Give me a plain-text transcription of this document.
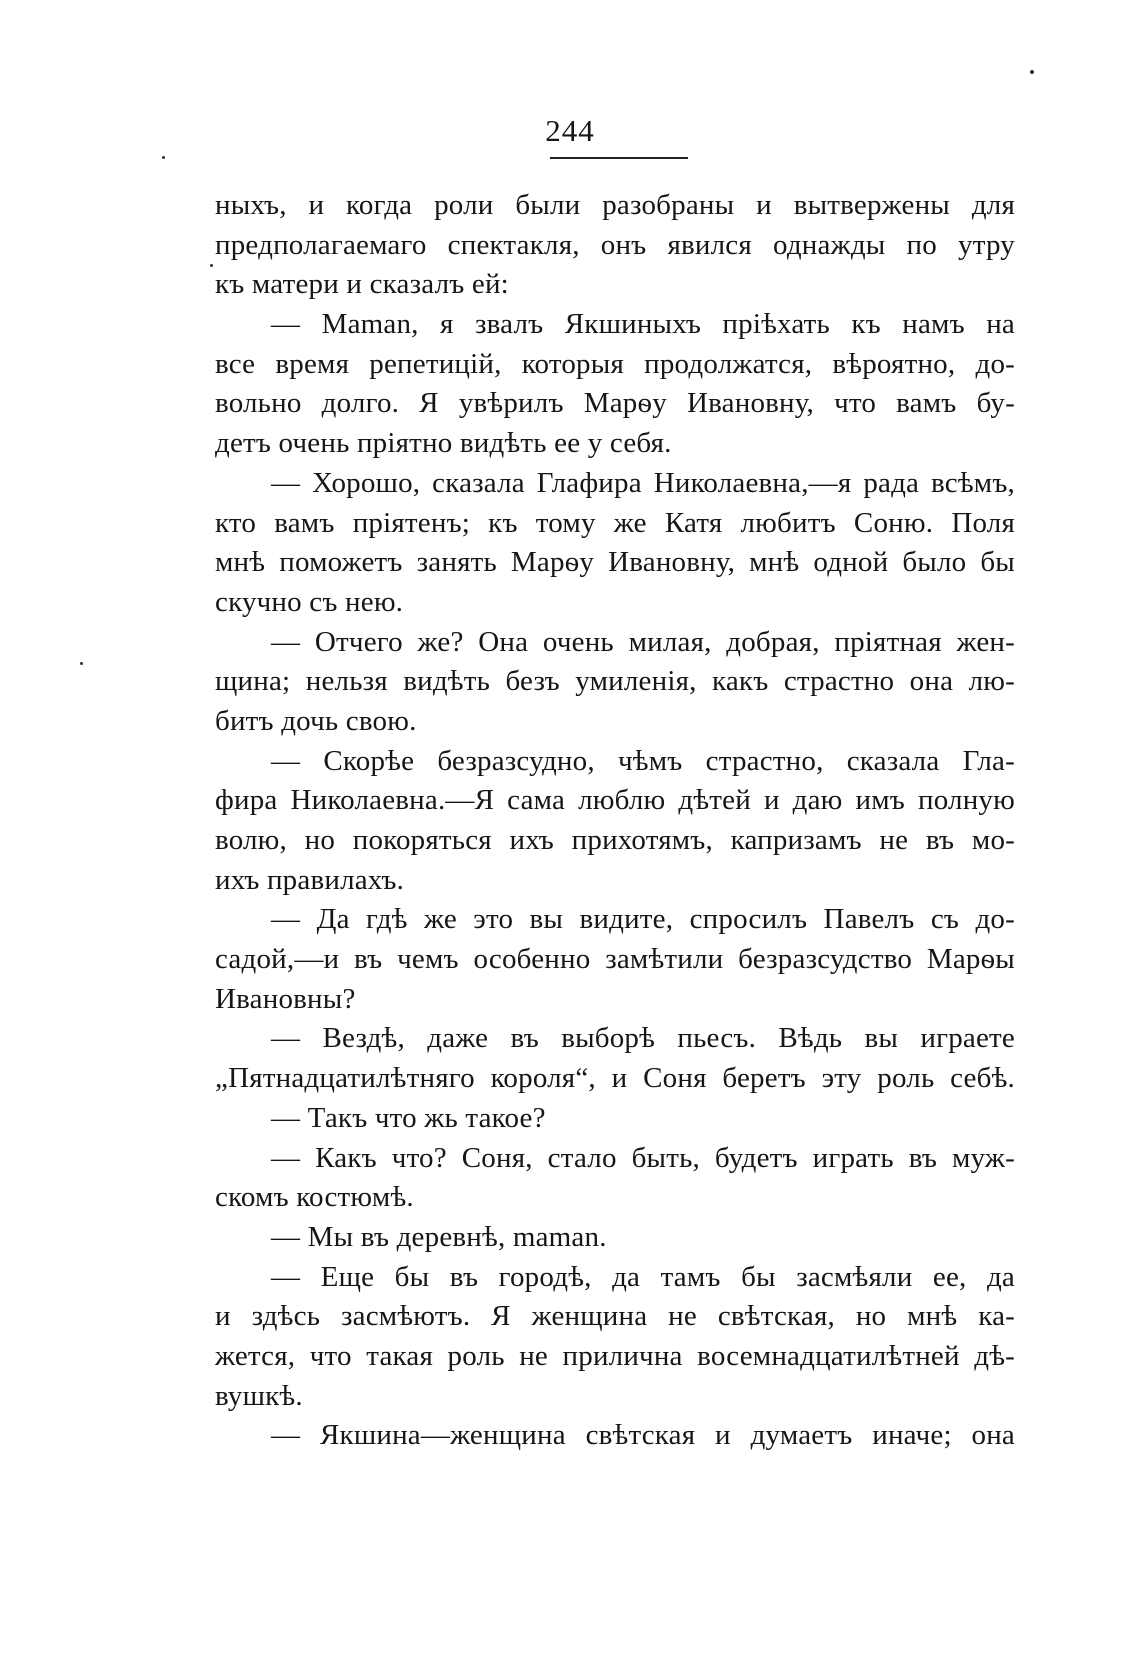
244
ныхъ, и когда роли были разобраны и вытвержены для
предполагаемаго спектакля, онъ явился однажды по утру
къ матери и сказалъ ей:
— Maman, я звалъ Якшиныхъ пріѣхать къ намъ на
все время репетицій, которыя продолжатся, вѣроятно, до-
вольно долго. Я увѣрилъ Марѳу Ивановну, что вамъ бу-
детъ очень пріятно видѣть ее у себя.
— Хорошо, сказала Глафира Николаевна,—я рада всѣмъ,
кто вамъ пріятенъ; къ тому же Катя любитъ Соню. Поля
мнѣ поможетъ занять Марѳу Ивановну, мнѣ одной было бы
скучно съ нею.
— Отчего же? Она очень милая, добрая, пріятная жен-
щина; нельзя видѣть безъ умиленія, какъ страстно она лю-
битъ дочь свою.
— Скорѣе безразсудно, чѣмъ страстно, сказала Гла-
фира Николаевна.—Я сама люблю дѣтей и даю имъ полную
волю, но покоряться ихъ прихотямъ, капризамъ не въ мо-
ихъ правилахъ.
— Да гдѣ же это вы видите, спросилъ Павелъ съ до-
садой,—и въ чемъ особенно замѣтили безразсудство Марѳы
Ивановны?
— Вездѣ, даже въ выборѣ пьесъ. Вѣдь вы играете
„Пятнадцатилѣтняго короля“, и Соня беретъ эту роль себѣ.
— Такъ что жь такое?
— Какъ что? Соня, стало быть, будетъ играть въ муж-
скомъ костюмѣ.
— Мы въ деревнѣ, maman.
— Еще бы въ городѣ, да тамъ бы засмѣяли ее, да
и здѣсь засмѣютъ. Я женщина не свѣтская, но мнѣ ка-
жется, что такая роль не прилична восемнадцатилѣтней дѣ-
вушкѣ.
— Якшина—женщина свѣтская и думаетъ иначе; она
